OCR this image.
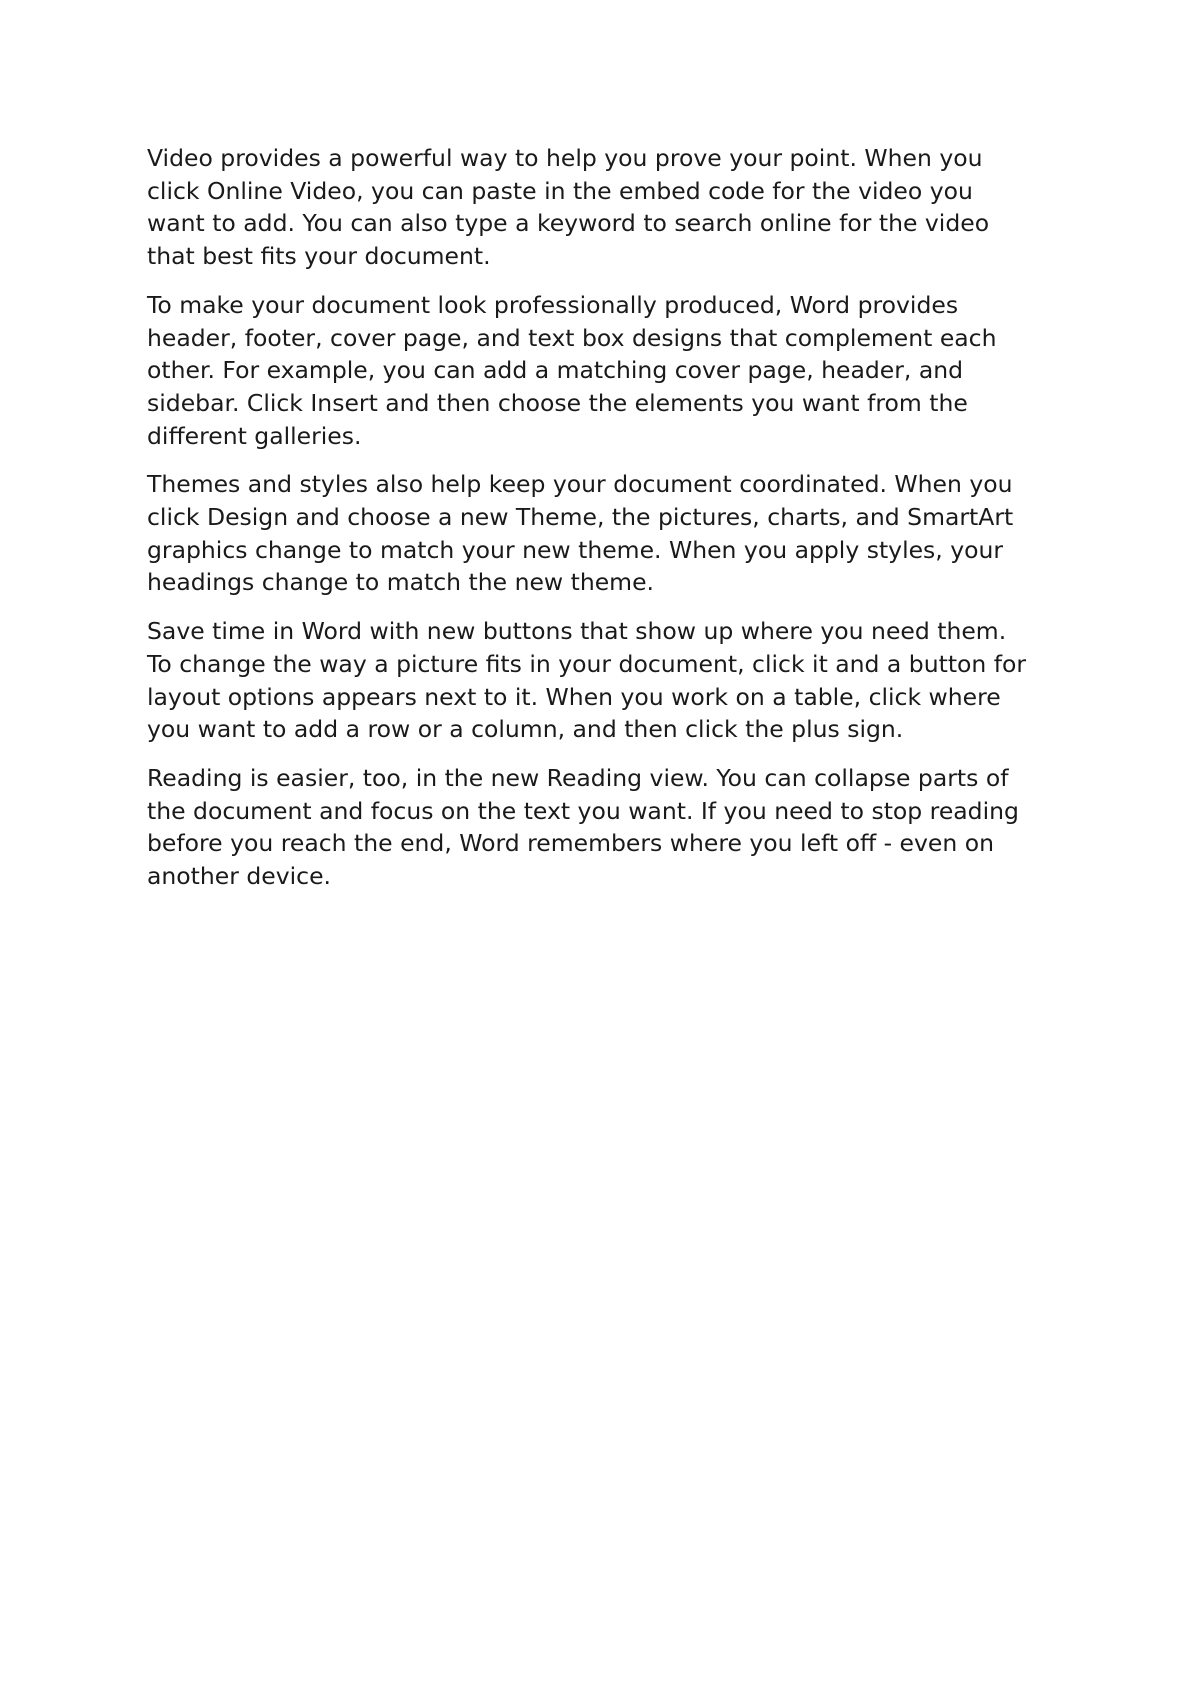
Video provides a powerful way to help you prove your point. When you
click Online Video, you can paste in the embed code for the video you
want to add. You can also type a keyword to search online for the video
that best fits your document.

To make your document look professionally produced, Word provides
header, footer, cover page, and text box designs that complement each
other. For example, you can add a matching cover page, header, and
sidebar. Click Insert and then choose the elements you want from the
different galleries.

Themes and styles also help keep your document coordinated. When you
click Design and choose a new Theme, the pictures, charts, and SmartArt
graphics change to match your new theme. When you apply styles, your
headings change to match the new theme.

Save time in Word with new buttons that show up where you need them.
To change the way a picture fits in your document, click it and a button for
layout options appears next to it. When you work on a table, click where
you want to add a row or a column, and then click the plus sign.

Reading is easier, too, in the new Reading view. You can collapse parts of
the document and focus on the text you want. If you need to stop reading
before you reach the end, Word remembers where you left off - even on
another device.
